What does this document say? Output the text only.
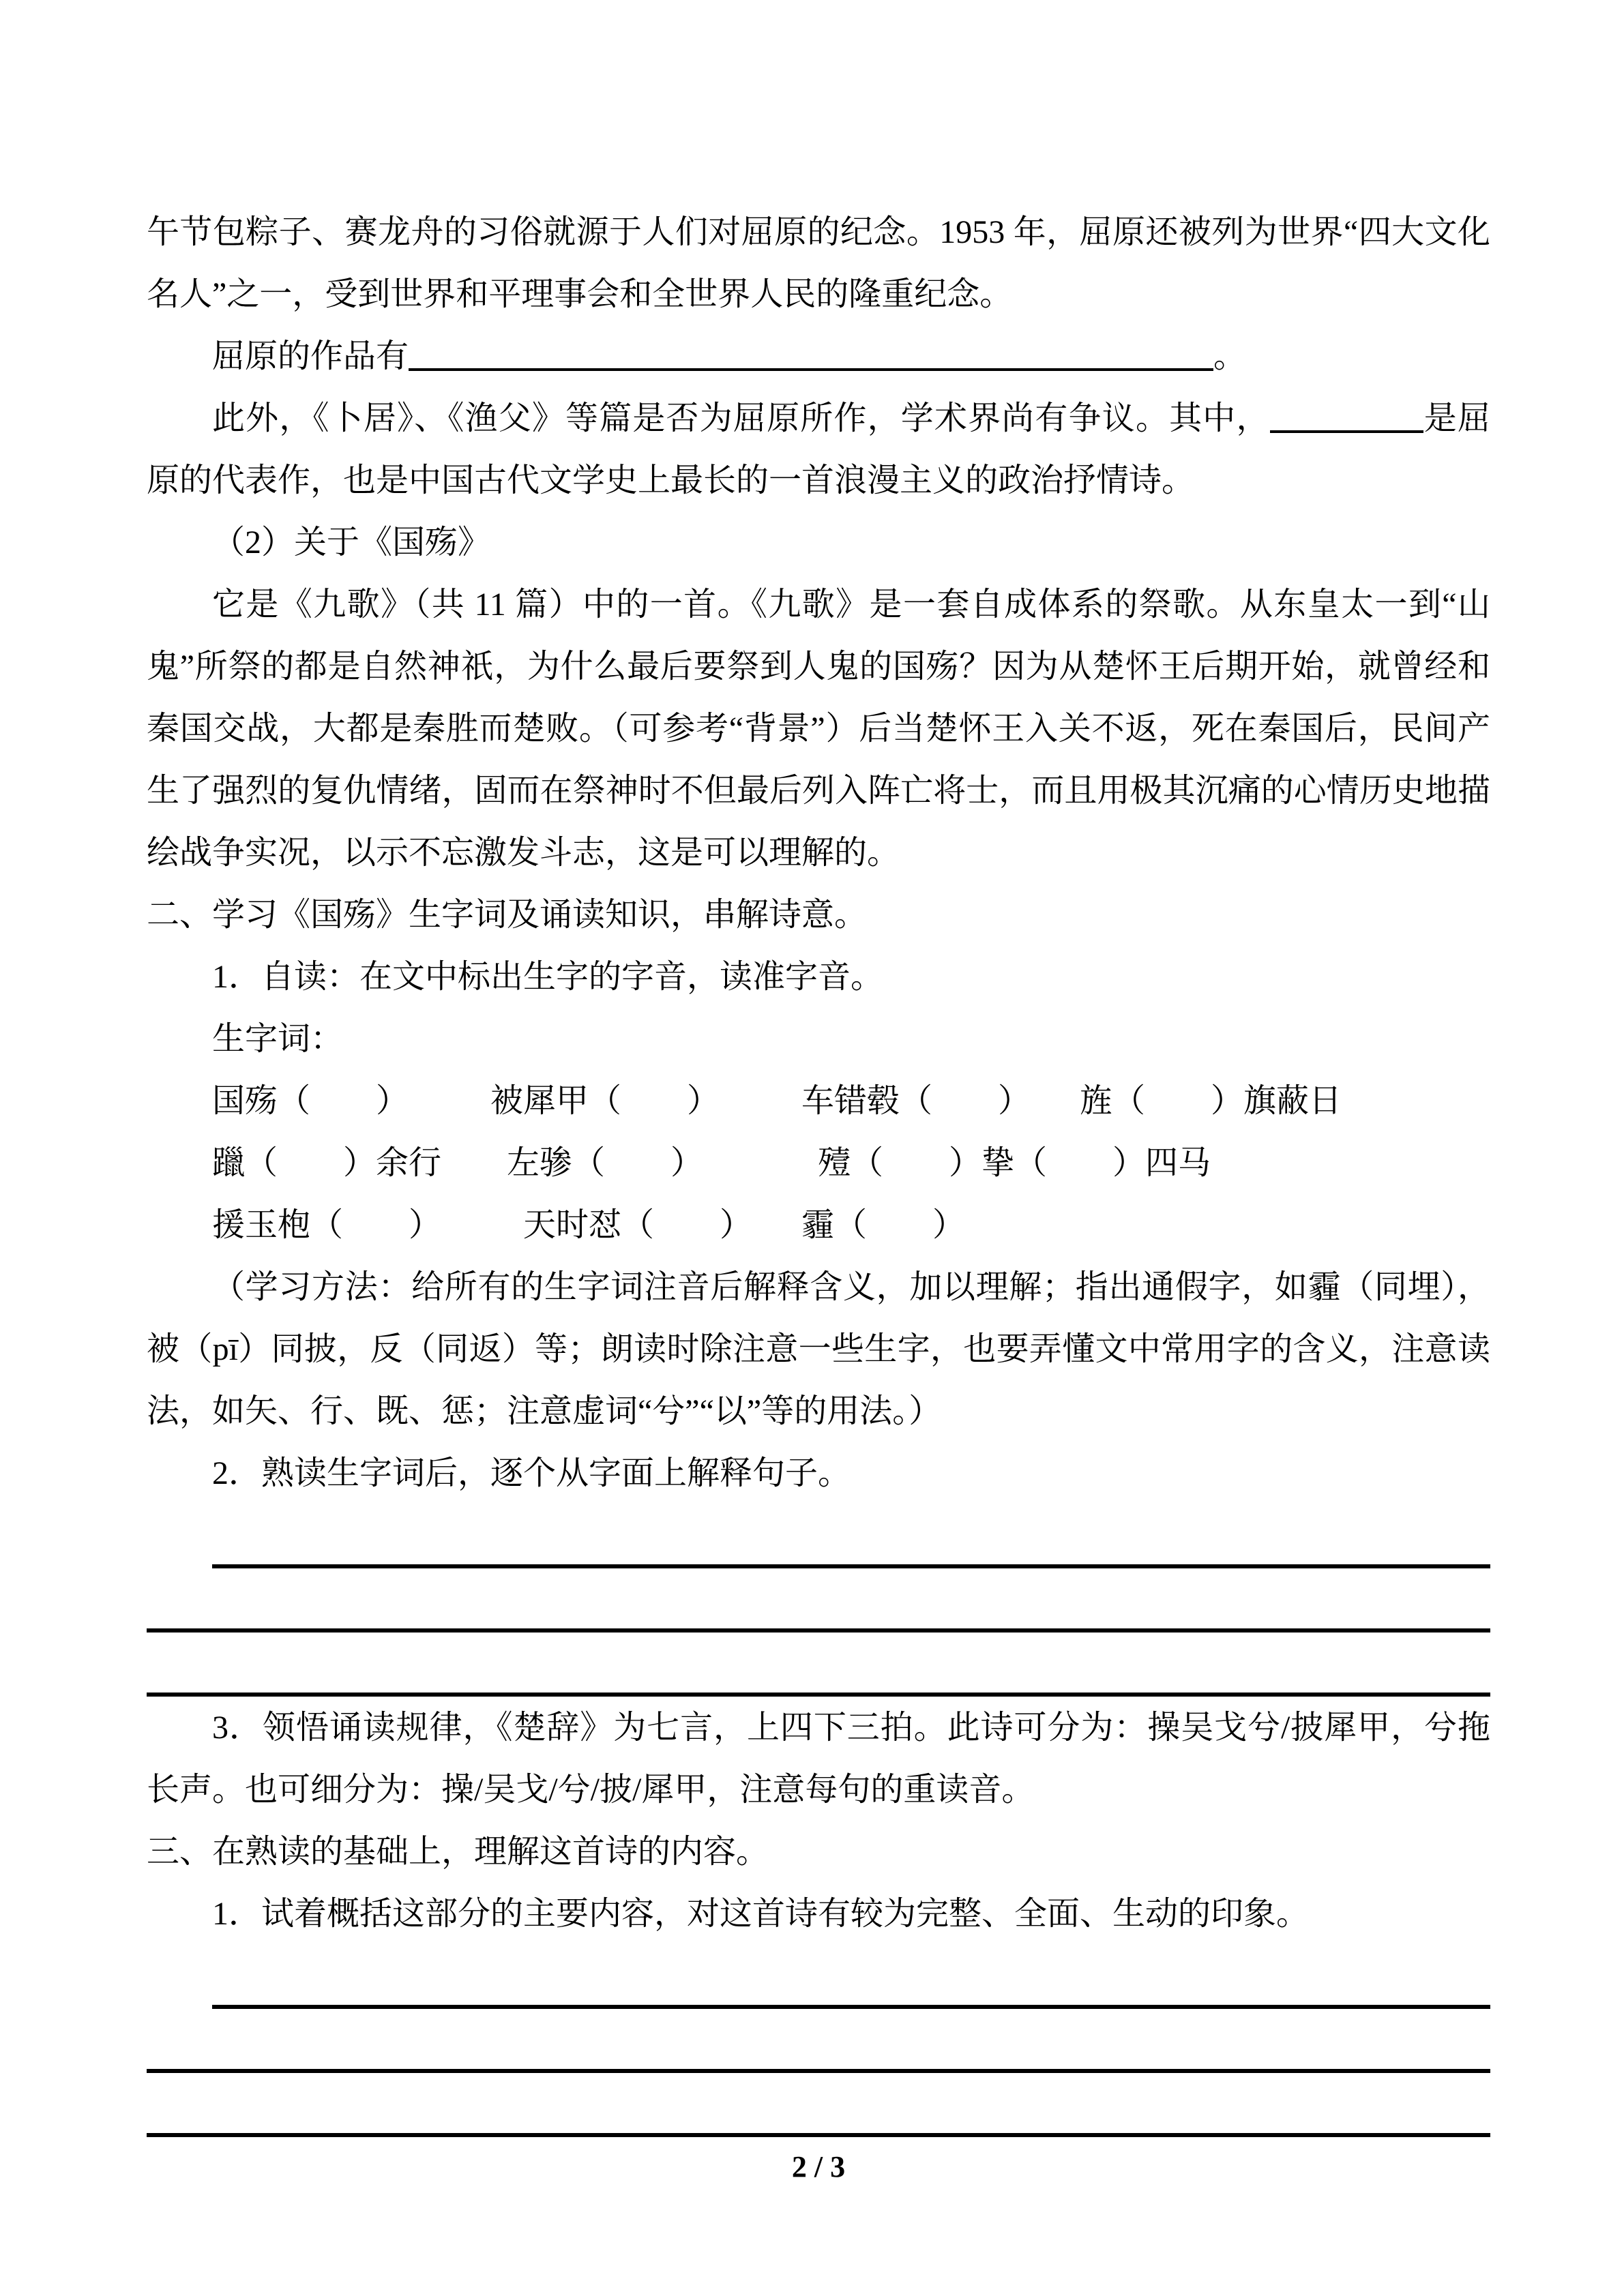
午节包粽子、赛龙舟的习俗就源于人们对屈原的纪念。1953 年，屈原还被列为世界“四大文化名人”之一，受到世界和平理事会和全世界人民的隆重纪念。

屈原的作品有	。

此外，《卜居》、《渔父》等篇是否为屈原所作，学术界尚有争议。其中，	是屈原的代表作，也是中国古代文学史上最长的一首浪漫主义的政治抒情诗。

（2）关于《国殇》

它是《九歌》（共 11 篇）中的一首。《九歌》是一套自成体系的祭歌。从东皇太一到“山鬼”所祭的都是自然神祇，为什么最后要祭到人鬼的国殇？因为从楚怀王后期开始，就曾经和秦国交战，大都是秦胜而楚败。（可参考“背景”）后当楚怀王入关不返，死在秦国后，民间产生了强烈的复仇情绪，固而在祭神时不但最后列入阵亡将士，而且用极其沉痛的心情历史地描绘战争实况，以示不忘激发斗志，这是可以理解的。

二、学习《国殇》生字词及诵读知识，串解诗意。

1．自读：在文中标出生字的字音，读准字音。

生字词：

国殇（　　）　　　被犀甲（　　）　　　车错毂（　　）　　旌（　　）旗蔽日

躐（　　）余行　　左骖（　　）　　　　殪（　　）挚（　　）四马

援玉枹（　　）　　　天时怼（　　）　　霾（　　）

（学习方法：给所有的生字词注音后解释含义，加以理解；指出通假字，如霾（同埋），被（pī）同披，反（同返）等；朗读时除注意一些生字，也要弄懂文中常用字的含义，注意读法，如矢、行、既、惩；注意虚词“兮”“以”等的用法。）

2．熟读生字词后，逐个从字面上解释句子。

3．领悟诵读规律，《楚辞》为七言，上四下三拍。此诗可分为：操吴戈兮/披犀甲，兮拖长声。也可细分为：操/吴戈/兮/披/犀甲，注意每句的重读音。

三、在熟读的基础上，理解这首诗的内容。

1．试着概括这部分的主要内容，对这首诗有较为完整、全面、生动的印象。

2 / 3
